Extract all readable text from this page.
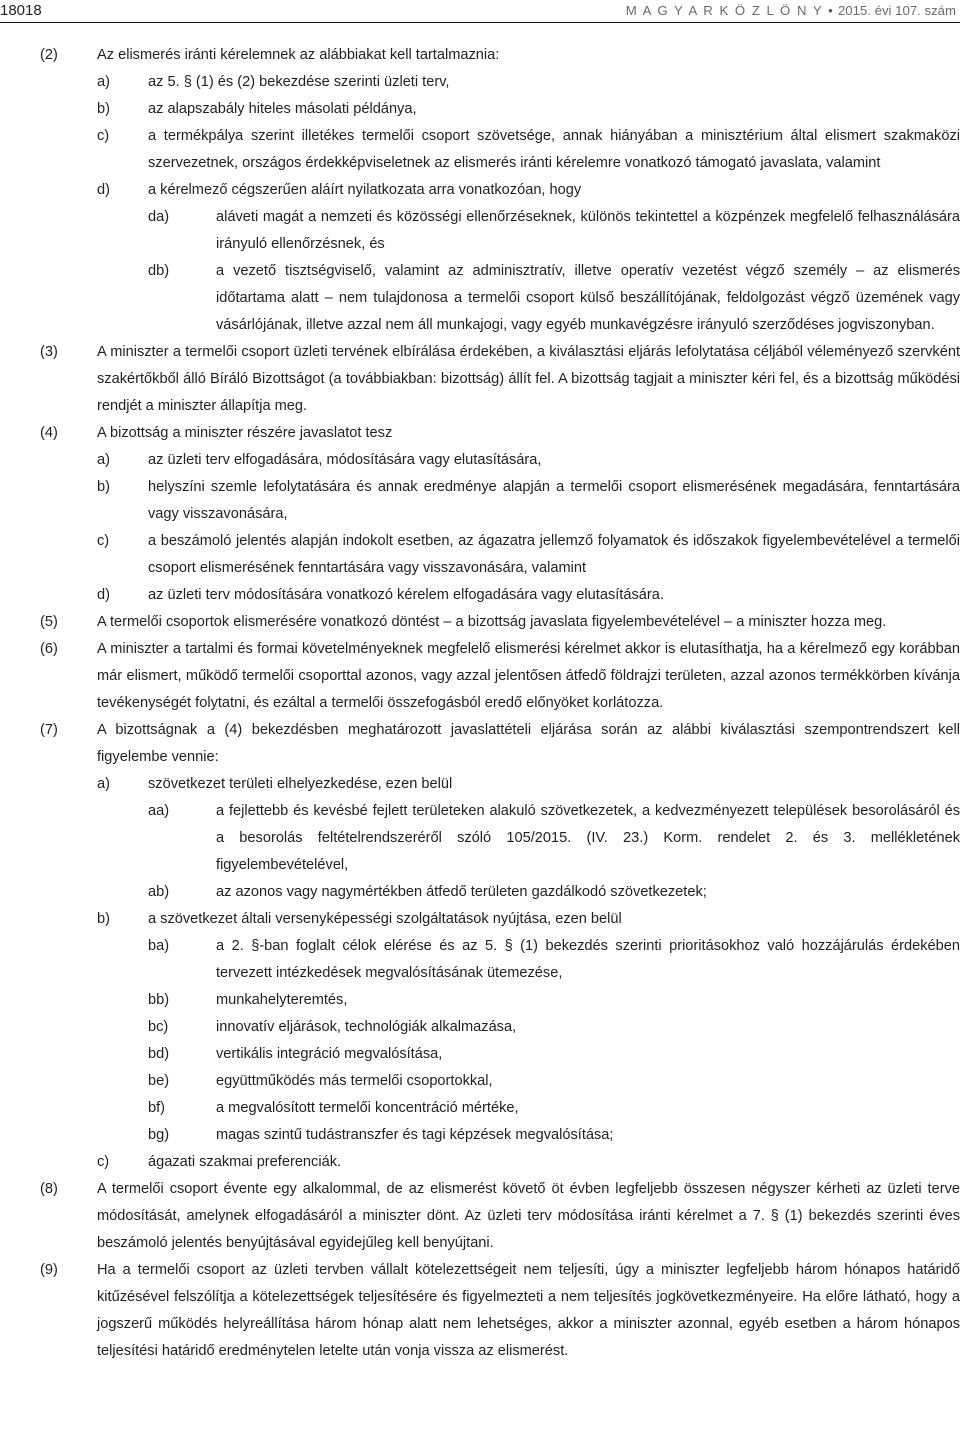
18018	M A G Y A R K Ö Z L Ö N Y • 2015. évi 107. szám
(2)	Az elismerés iránti kérelemnek az alábbiakat kell tartalmaznia:
a)	az 5. § (1) és (2) bekezdése szerinti üzleti terv,
b)	az alapszabály hiteles másolati példánya,
c)	a termékpálya szerint illetékes termelői csoport szövetsége, annak hiányában a minisztérium által elismert szakmaközi szervezetnek, országos érdekképviseletnek az elismerés iránti kérelemre vonatkozó támogató javaslata, valamint
d)	a kérelmező cégszerűen aláírt nyilatkozata arra vonatkozóan, hogy
da)	aláveti magát a nemzeti és közösségi ellenőrzéseknek, különös tekintettel a közpénzek megfelelő felhasználására irányuló ellenőrzésnek, és
db)	a vezető tisztségviselő, valamint az adminisztratív, illetve operatív vezetést végző személy – az elismerés időtartama alatt – nem tulajdonosa a termelői csoport külső beszállítójának, feldolgozást végző üzemének vagy vásárlójának, illetve azzal nem áll munkajogi, vagy egyéb munkavégzésre irányuló szerződéses jogviszonyban.
(3)	A miniszter a termelői csoport üzleti tervének elbírálása érdekében, a kiválasztási eljárás lefolytatása céljából véleményező szervként szakértőkből álló Bíráló Bizottságot (a továbbiakban: bizottság) állít fel. A bizottság tagjait a miniszter kéri fel, és a bizottság működési rendjét a miniszter állapítja meg.
(4)	A bizottság a miniszter részére javaslatot tesz
a)	az üzleti terv elfogadására, módosítására vagy elutasítására,
b)	helyszíni szemle lefolytatására és annak eredménye alapján a termelői csoport elismerésének megadására, fenntartására vagy visszavonására,
c)	a beszámoló jelentés alapján indokolt esetben, az ágazatra jellemző folyamatok és időszakok figyelembevételével a termelői csoport elismerésének fenntartására vagy visszavonására, valamint
d)	az üzleti terv módosítására vonatkozó kérelem elfogadására vagy elutasítására.
(5)	A termelői csoportok elismerésére vonatkozó döntést – a bizottság javaslata figyelembevételével – a miniszter hozza meg.
(6)	A miniszter a tartalmi és formai követelményeknek megfelelő elismerési kérelmet akkor is elutasíthatja, ha a kérelmező egy korábban már elismert, működő termelői csoporttal azonos, vagy azzal jelentősen átfedő földrajzi területen, azzal azonos termékkörben kívánja tevékenységét folytatni, és ezáltal a termelői összefogásból eredő előnyöket korlátozza.
(7)	A bizottságnak a (4) bekezdésben meghatározott javaslattételi eljárása során az alábbi kiválasztási szempontrendszert kell figyelembe vennie:
a)	szövetkezet területi elhelyezkedése, ezen belül
aa)	a fejlettebb és kevésbé fejlett területeken alakuló szövetkezetek, a kedvezményezett települések besorolásáról és a besorolás feltételrendszeréről szóló 105/2015. (IV. 23.) Korm. rendelet 2. és 3. mellékletének figyelembevételével,
ab)	az azonos vagy nagymértékben átfedő területen gazdálkodó szövetkezetek;
b)	a szövetkezet általi versenyképességi szolgáltatások nyújtása, ezen belül
ba)	a 2. §-ban foglalt célok elérése és az 5. § (1) bekezdés szerinti prioritásokhoz való hozzájárulás érdekében tervezett intézkedések megvalósításának ütemezése,
bb)	munkahelyteremtés,
bc)	innovatív eljárások, technológiák alkalmazása,
bd)	vertikális integráció megvalósítása,
be)	együttműködés más termelői csoportokkal,
bf)	a megvalósított termelői koncentráció mértéke,
bg)	magas szintű tudástranszfer és tagi képzések megvalósítása;
c)	ágazati szakmai preferenciák.
(8)	A termelői csoport évente egy alkalommal, de az elismerést követő öt évben legfeljebb összesen négyszer kérheti az üzleti terve módosítását, amelynek elfogadásáról a miniszter dönt. Az üzleti terv módosítása iránti kérelmet a 7. § (1) bekezdés szerinti éves beszámoló jelentés benyújtásával egyidejűleg kell benyújtani.
(9)	Ha a termelői csoport az üzleti tervben vállalt kötelezettségeit nem teljesíti, úgy a miniszter legfeljebb három hónapos határidő kitűzésével felszólítja a kötelezettségek teljesítésére és figyelmezteti a nem teljesítés jogkövetkezményeire. Ha előre látható, hogy a jogszerű működés helyreállítása három hónap alatt nem lehetséges, akkor a miniszter azonnal, egyéb esetben a három hónapos teljesítési határidő eredménytelen letelte után vonja vissza az elismerést.
